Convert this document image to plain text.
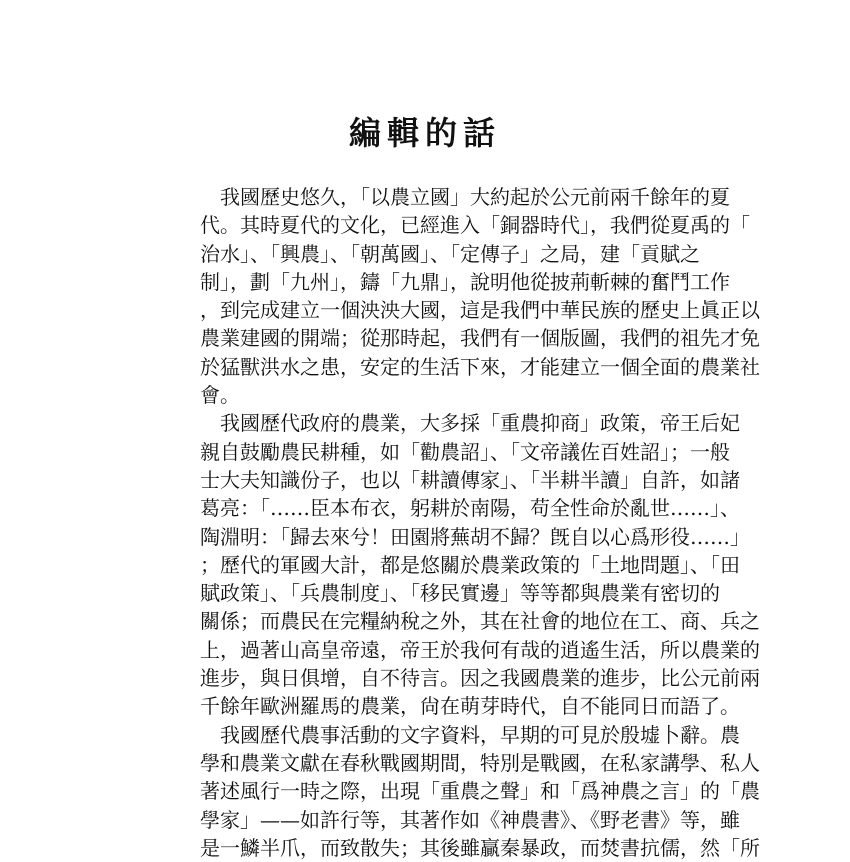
編輯的話

　我國歷史悠久，「以農立國」大約起於公元前兩千餘年的夏
代。其時夏代的文化，已經進入「銅器時代」，我們從夏禹的「
治水」、「興農」、「朝萬國」、「定傳子」之局，建「貢賦之
制」，劃「九州」，鑄「九鼎」，說明他從披荊斬棘的奮鬥工作
，到完成建立一個泱泱大國，這是我們中華民族的歷史上眞正以
農業建國的開端；從那時起，我們有一個版圖，我們的祖先才免
於猛獸洪水之患，安定的生活下來，才能建立一個全面的農業社
會。

　我國歷代政府的農業，大多採「重農抑商」政策，帝王后妃
親自鼓勵農民耕種，如「勸農詔」、「文帝議佐百姓詔」；一般
士大夫知識份子，也以「耕讀傳家」、「半耕半讀」自許，如諸
葛亮：「……臣本布衣，躬耕於南陽，苟全性命於亂世……」、
陶淵明：「歸去來兮！田園將蕪胡不歸？旣自以心爲形役……」
；歷代的軍國大計，都是悠關於農業政策的「土地問題」、「田
賦政策」、「兵農制度」、「移民實邊」等等都與農業有密切的
關係；而農民在完糧納稅之外，其在社會的地位在工、商、兵之
上，過著山高皇帝遠，帝王於我何有哉的逍遙生活，所以農業的
進步，與日俱增，自不待言。因之我國農業的進步，比公元前兩
千餘年歐洲羅馬的農業，尙在萌芽時代，自不能同日而語了。

　我國歷代農事活動的文字資料，早期的可見於殷墟卜辭。農
學和農業文獻在春秋戰國期間，特別是戰國，在私家講學、私人
著述風行一時之際，出現「重農之聲」和「爲神農之言」的「農
學家」——如許行等，其著作如《神農書》、《野老書》等，雖
是一鱗半爪，而致散失；其後雖贏秦暴政，而焚書抗儒，然「所
